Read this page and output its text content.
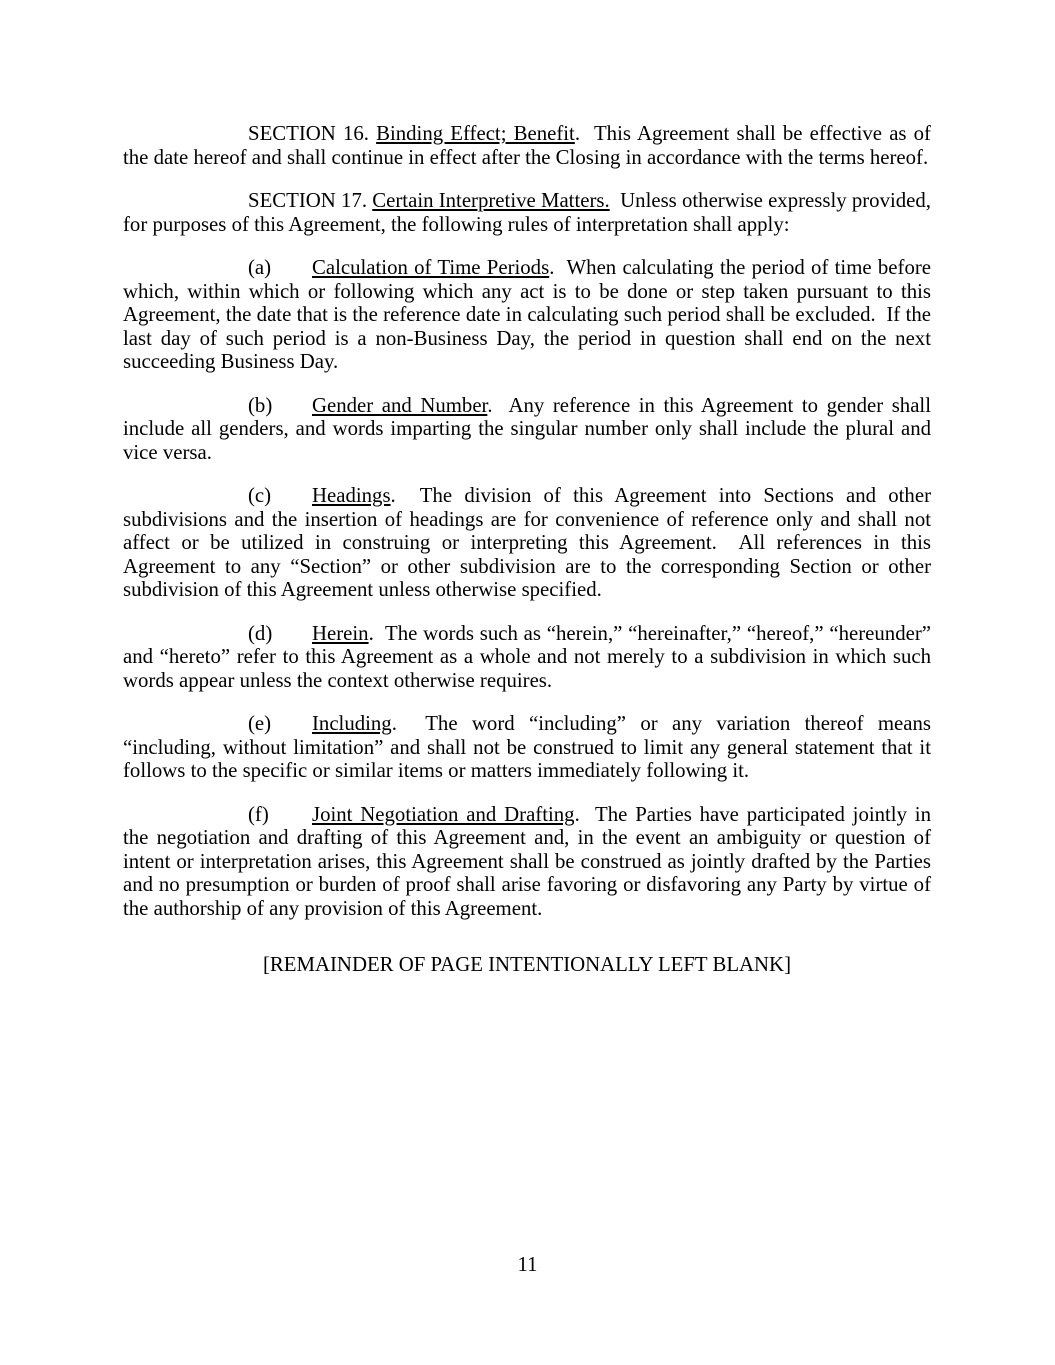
SECTION 16. Binding Effect; Benefit.  This Agreement shall be effective as of the date hereof and shall continue in effect after the Closing in accordance with the terms hereof.

SECTION 17. Certain Interpretive Matters.  Unless otherwise expressly provided, for purposes of this Agreement, the following rules of interpretation shall apply:

(a) Calculation of Time Periods.  When calculating the period of time before which, within which or following which any act is to be done or step taken pursuant to this Agreement, the date that is the reference date in calculating such period shall be excluded.  If the last day of such period is a non-Business Day, the period in question shall end on the next succeeding Business Day.

(b) Gender and Number.  Any reference in this Agreement to gender shall include all genders, and words imparting the singular number only shall include the plural and vice versa.

(c) Headings.  The division of this Agreement into Sections and other subdivisions and the insertion of headings are for convenience of reference only and shall not affect or be utilized in construing or interpreting this Agreement.  All references in this Agreement to any “Section” or other subdivision are to the corresponding Section or other subdivision of this Agreement unless otherwise specified.

(d) Herein.  The words such as “herein,” “hereinafter,” “hereof,” “hereunder” and “hereto” refer to this Agreement as a whole and not merely to a subdivision in which such words appear unless the context otherwise requires.

(e) Including.  The word “including” or any variation thereof means “including, without limitation” and shall not be construed to limit any general statement that it follows to the specific or similar items or matters immediately following it.

(f) Joint Negotiation and Drafting.  The Parties have participated jointly in the negotiation and drafting of this Agreement and, in the event an ambiguity or question of intent or interpretation arises, this Agreement shall be construed as jointly drafted by the Parties and no presumption or burden of proof shall arise favoring or disfavoring any Party by virtue of the authorship of any provision of this Agreement.

[REMAINDER OF PAGE INTENTIONALLY LEFT BLANK]

11
